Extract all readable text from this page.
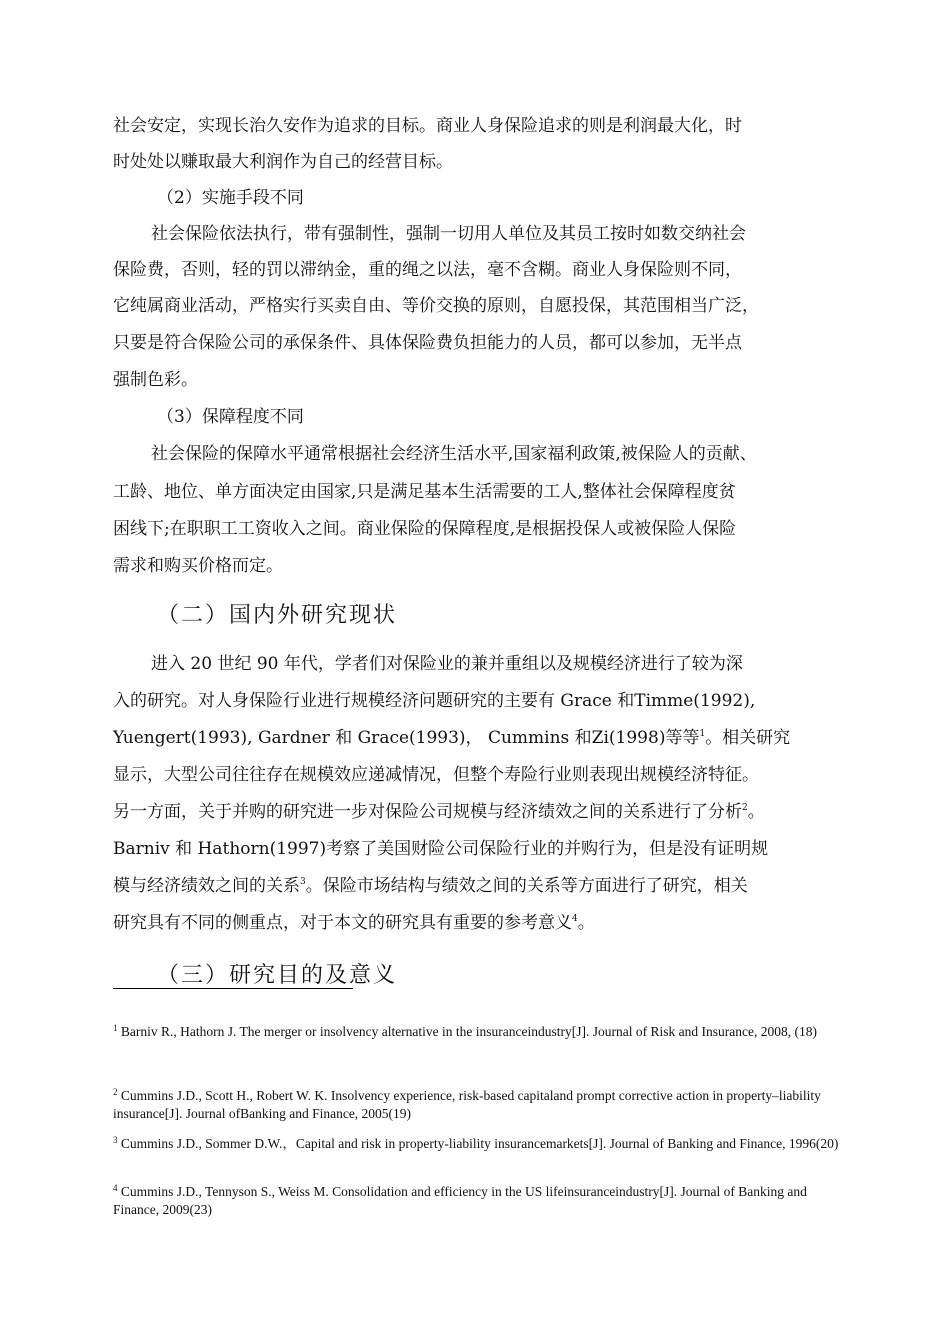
社会安定，实现长治久安作为追求的目标。商业人身保险追求的则是利润最大化，时
时处处以赚取最大利润作为自己的经营目标。
（2）实施手段不同
社会保险依法执行，带有强制性，强制一切用人单位及其员工按时如数交纳社会
保险费，否则，轻的罚以滞纳金，重的绳之以法，毫不含糊。商业人身保险则不同，
它纯属商业活动，严格实行买卖自由、等价交换的原则，自愿投保，其范围相当广泛，
只要是符合保险公司的承保条件、具体保险费负担能力的人员，都可以参加，无半点
强制色彩。
（3）保障程度不同
社会保险的保障水平通常根据社会经济生活水平,国家福利政策,被保险人的贡献、
工龄、地位、单方面决定由国家,只是满足基本生活需要的工人,整体社会保障程度贫
困线下;在职职工工资收入之间。商业保险的保障程度,是根据投保人或被保险人保险
需求和购买价格而定。
（二）国内外研究现状
进入 20 世纪 90 年代，学者们对保险业的兼并重组以及规模经济进行了较为深
入的研究。对人身保险行业进行规模经济问题研究的主要有 Grace 和Timme(1992),
Yuengert(1993), Gardner 和 Grace(1993)， Cummins 和Zi(1998)等等$^1$。相关研究
显示，大型公司往往存在规模效应递减情况，但整个寿险行业则表现出规模经济特征。
另一方面，关于并购的研究进一步对保险公司规模与经济绩效之间的关系进行了分析$^2$。
Barniv 和 Hathorn(1997)考察了美国财险公司保险行业的并购行为，但是没有证明规
模与经济绩效之间的关系$^3$。保险市场结构与绩效之间的关系等方面进行了研究，相关
研究具有不同的侧重点，对于本文的研究具有重要的参考意义$^4$。
（三）研究目的及意义
$^1$ Barniv R., Hathorn J. The merger or insolvency alternative in the insuranceindustry[J]. Journal of Risk and Insurance, 2008, (18)
$^2$ Cummins J.D., Scott H., Robert W. K. Insolvency experience, risk-based capitaland prompt corrective action in property–liability insurance[J]. Journal ofBanking and Finance, 2005(19)
$^3$ Cummins J.D., Sommer D.W.，Capital and risk in property-liability insurancemarkets[J]. Journal of Banking and Finance, 1996(20)
$^4$ Cummins J.D., Tennyson S., Weiss M. Consolidation and efficiency in the US lifeinsuranceindustry[J]. Journal of Banking and Finance, 2009(23)
